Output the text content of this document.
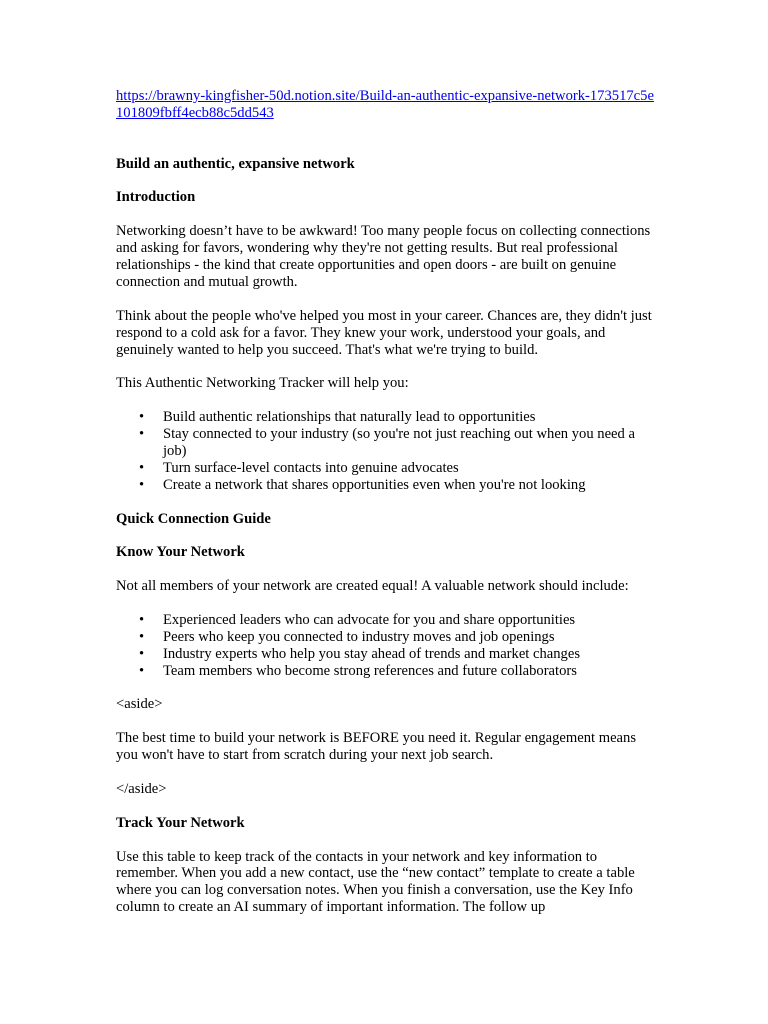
https://brawny-kingfisher-50d.notion.site/Build-an-authentic-expansive-network-173517c5e101809fbff4ecb88c5dd543

Build an authentic, expansive network

Introduction

Networking doesn’t have to be awkward! Too many people focus on collecting connections and asking for favors, wondering why they're not getting results. But real professional relationships - the kind that create opportunities and open doors - are built on genuine connection and mutual growth.

Think about the people who've helped you most in your career. Chances are, they didn't just respond to a cold ask for a favor. They knew your work, understood your goals, and genuinely wanted to help you succeed. That's what we're trying to build.

This Authentic Networking Tracker will help you:

• Build authentic relationships that naturally lead to opportunities
• Stay connected to your industry (so you're not just reaching out when you need a job)
• Turn surface-level contacts into genuine advocates
• Create a network that shares opportunities even when you're not looking

Quick Connection Guide

Know Your Network

Not all members of your network are created equal! A valuable network should include:

• Experienced leaders who can advocate for you and share opportunities
• Peers who keep you connected to industry moves and job openings
• Industry experts who help you stay ahead of trends and market changes
• Team members who become strong references and future collaborators

<aside>

The best time to build your network is BEFORE you need it. Regular engagement means you won't have to start from scratch during your next job search.

</aside>

Track Your Network

Use this table to keep track of the contacts in your network and key information to remember. When you add a new contact, use the “new contact” template to create a table where you can log conversation notes. When you finish a conversation, use the Key Info column to create an AI summary of important information. The follow up
